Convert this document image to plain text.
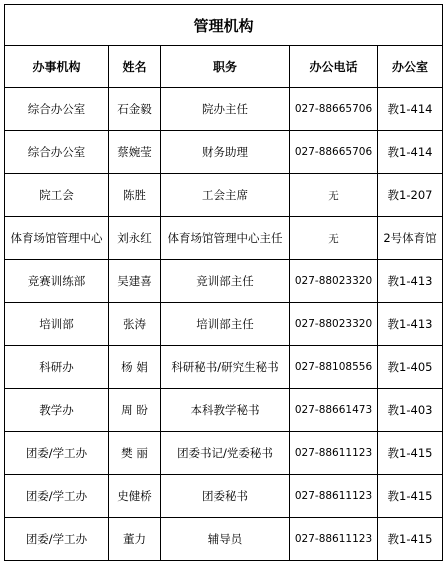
管理机构				
办事机构	姓名	职务	办公电话	办公室
综合办公室	石金毅	院办主任	027-88665706	教1-414
综合办公室	蔡婉莹	财务助理	027-88665706	教1-414
院工会	陈胜	工会主席	无	教1-207
体育场馆管理中心	刘永红	体育场馆管理中心主任	无	2号体育馆
竞赛训练部	吴建喜	竞训部主任	027-88023320	教1-413
培训部	张涛	培训部主任	027-88023320	教1-413
科研办	杨 娟	科研秘书/研究生秘书	027-88108556	教1-405
教学办	周 盼	本科教学秘书	027-88661473	教1-403
团委/学工办	樊 丽	团委书记/党委秘书	027-88611123	教1-415
团委/学工办	史健桥	团委秘书	027-88611123	教1-415
团委/学工办	董力	辅导员	027-88611123	教1-415
